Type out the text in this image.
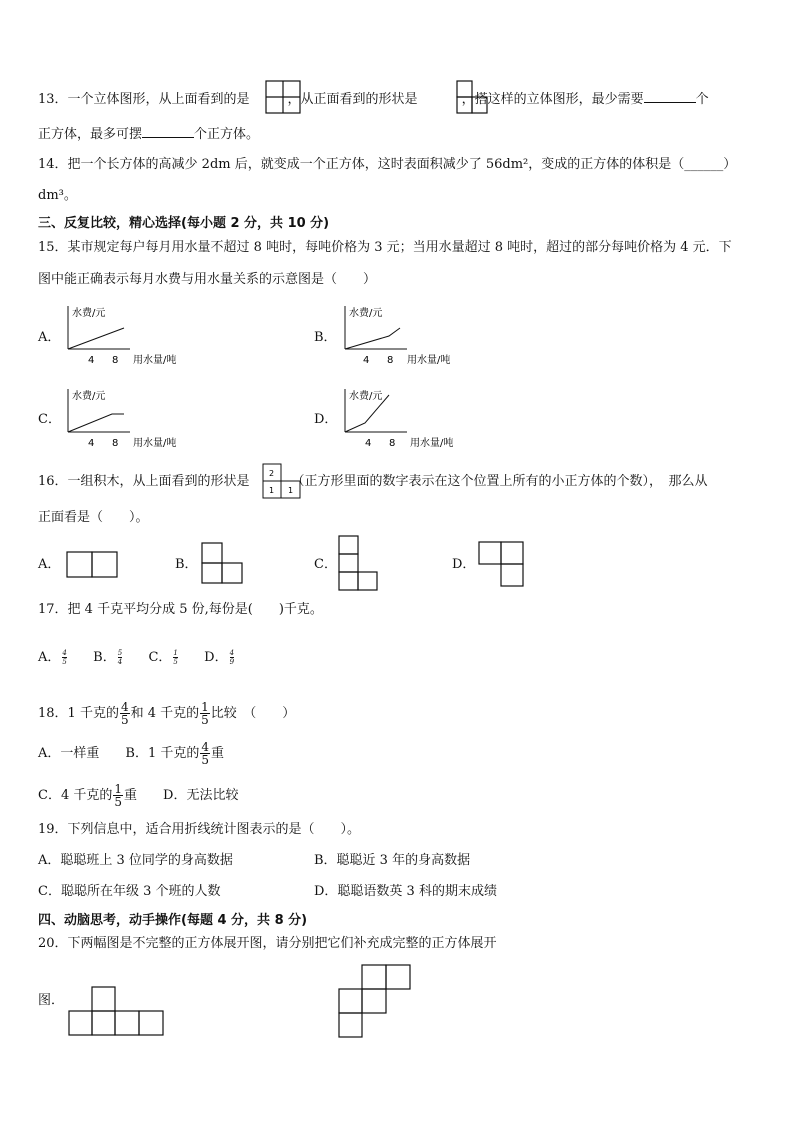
13．一个立体图形，从上面看到的是	，从正面看到的形状是	，搭这样的立体图形，最少需要	个
正方体，最多可摆	个正方体。
14．把一个长方体的高减少 2dm 后，就变成一个正方体，这时表面积减少了 56dm²，变成的正方体的体积是（______）
dm³。
三、反复比较，精心选择(每小题 2 分，共 10 分)
15．某市规定每户每月用水量不超过 8 吨时，每吨价格为 3 元；当用水量超过 8 吨时，超过的部分每吨价格为 4 元．下
图中能正确表示每月水费与用水量关系的示意图是（　　）
A．	B．
C．	D．
水费/元
4 8 用水量/吨
水费/元
4 8 用水量/吨
水费/元
4 8 用水量/吨
水费/元
4 8 用水量/吨
16．一组积木，从上面看到的形状是	（正方形里面的数字表示在这个位置上所有的小正方体的个数），　那么从
2
1 1
正面看是（　　）。
A．	B．	C．	D．
17．把 4 千克平均分成 5 份,每份是(　　)千克。
A． $\frac{4}{5}$ B． $\frac{5}{4}$ C． $\frac{1}{5}$ D． $\frac{4}{9}$
18．1 千克的 $\frac{4}{5}$ 和 4 千克的 $\frac{1}{5}$ 比较　（　　）
A．一样重 B．1 千克的 $\frac{4}{5}$ 重
C．4 千克的 $\frac{1}{5}$ 重 D．无法比较
19．下列信息中，适合用折线统计图表示的是（　　）。
A．聪聪班上 3 位同学的身高数据	B．聪聪近 3 年的身高数据
C．聪聪所在年级 3 个班的人数	D．聪聪语数英 3 科的期末成绩
四、动脑思考，动手操作(每题 4 分，共 8 分)
20．下两幅图是不完整的正方体展开图，请分别把它们补充成完整的正方体展开
图．
